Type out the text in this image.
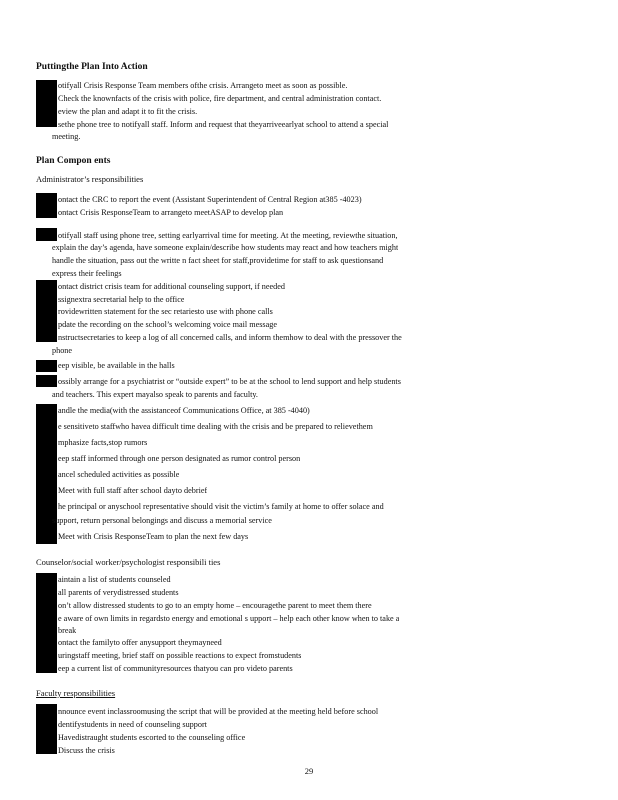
Puttingthe Plan Into Action
otifyall Crisis Response Team members ofthe crisis. Arrangeto meet as soon as possible.
Check the knownfacts of the crisis with police, fire department, and central administration contact.
eview the plan and adapt it to fit the crisis.
sethe phone tree to notifyall staff. Inform and request that theyarriveearlyat school to attend a special
meeting.
Plan Compon ents
Administrator’s responsibilities
ontact the CRC to report the event (Assistant Superintendent of Central Region at385 -4023)
ontact Crisis ResponseTeam to arrangeto meetASAP to develop plan
otifyall staff using phone tree, setting earlyarrival time for meeting. At the meeting, reviewthe situation,
explain the day’s agenda, have someone explain/describe how students may react and how teachers might
handle the situation, pass out the writte n fact sheet for staff,providetime for staff to ask questionsand
express their feelings
ontact district crisis team for additional counseling support, if needed
ssignextra secretarial help to the office
rovidewritten statement for the sec retariesto use with phone calls
pdate the recording on the school’s welcoming voice mail message
nstructsecretaries to keep a log of all concerned calls, and inform themhow to deal with the pressover the
phone
eep visible, be available in the halls
ossibly arrange for a psychiatrist or “outside expert” to be at the school to lend support and help students
and teachers. This expert mayalso speak to parents and faculty.
andle the media(with the assistanceof Communications Office, at 385 -4040)
e sensitiveto staffwho havea difficult time dealing with the crisis and be prepared to relievethem
mphasize facts,stop rumors
eep staff informed through one person designated as rumor control person
ancel scheduled activities as possible
Meet with full staff after school dayto debrief
he principal or anyschool representative should visit the victim’s family at home to offer solace and
support, return personal belongings and discuss a memorial service
Meet with Crisis ResponseTeam to plan the next few days
Counselor/social worker/psychologist responsibili ties
aintain a list of students counseled
all parents of verydistressed students
on’t allow distressed students to go to an empty home – encouragethe parent to meet them there
e aware of own limits in regardsto energy and emotional s upport – help each other know when to take a
break
ontact the familyto offer anysupport theymayneed
uringstaff meeting, brief staff on possible reactions to expect fromstudents
eep a current list of communityresources thatyou can pro videto parents
Faculty responsibilities
nnounce event inclassroomusing the script that will be provided at the meeting held before school
dentifystudents in need of counseling support
Havedistraught students escorted to the counseling office
Discuss the crisis
29
